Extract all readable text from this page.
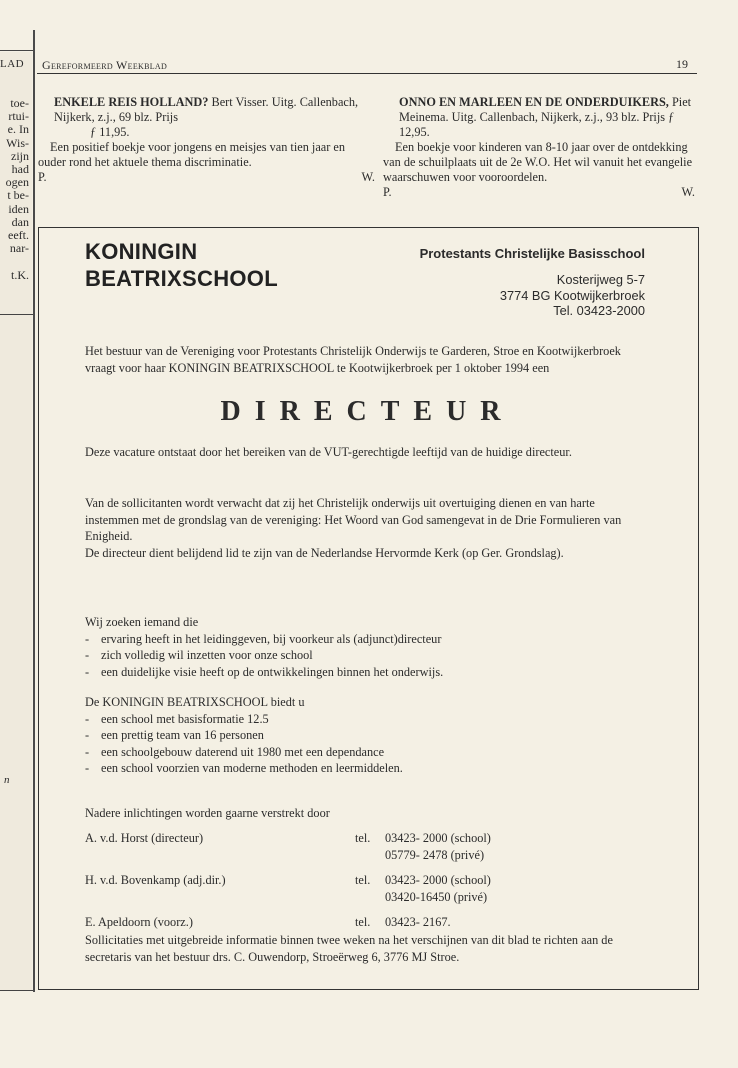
LAD
toe-
rtui-
e. In
Wis-
zijn
had
ogen
t be-
iden
dan
eeft.
nar-
t.K.
n
Gereformeerd Weekblad	19
ENKELE REIS HOLLAND? Bert Visser. Uitg. Callenbach, Nijkerk, z.j., 69 blz. Prijs
ƒ 11,95.
Een positief boekje voor jongens en meisjes van tien jaar en ouder rond het aktuele thema discriminatie.
P.	W.
ONNO EN MARLEEN EN DE ONDERDUIKERS, Piet Meinema. Uitg. Callenbach, Nijkerk, z.j., 93 blz. Prijs ƒ 12,95.
Een boekje voor kinderen van 8-10 jaar over de ontdekking van de schuilplaats uit de 2e W.O. Het wil vanuit het evangelie waarschuwen voor vooroordelen.
P.	W.
KONINGIN
BEATRIXSCHOOL
Protestants Christelijke Basisschool
Kosterijweg 5-7
3774 BG Kootwijkerbroek
Tel. 03423-2000
Het bestuur van de Vereniging voor Protestants Christelijk Onderwijs te Garderen, Stroe en Kootwijkerbroek vraagt voor haar KONINGIN BEATRIXSCHOOL te Kootwijkerbroek per 1 oktober 1994 een
DIRECTEUR
Deze vacature ontstaat door het bereiken van de VUT-gerechtigde leeftijd van de huidige directeur.
Van de sollicitanten wordt verwacht dat zij het Christelijk onderwijs uit overtuiging dienen en van harte instemmen met de grondslag van de vereniging: Het Woord van God samengevat in de Drie Formulieren van Enigheid.
De directeur dient belijdend lid te zijn van de Nederlandse Hervormde Kerk (op Ger. Grondslag).
Wij zoeken iemand die
- ervaring heeft in het leidinggeven, bij voorkeur als (adjunct)directeur
- zich volledig wil inzetten voor onze school
- een duidelijke visie heeft op de ontwikkelingen binnen het onderwijs.
De KONINGIN BEATRIXSCHOOL biedt u
- een school met basisformatie 12.5
- een prettig team van 16 personen
- een schoolgebouw daterend uit 1980 met een dependance
- een school voorzien van moderne methoden en leermiddelen.
Nadere inlichtingen worden gaarne verstrekt door
A. v.d. Horst (directeur)	tel. 03423- 2000 (school)
05779- 2478 (privé)
H. v.d. Bovenkamp (adj.dir.)	tel. 03423- 2000 (school)
03420-16450 (privé)
E. Apeldoorn (voorz.)	tel. 03423- 2167.
Sollicitaties met uitgebreide informatie binnen twee weken na het verschijnen van dit blad te richten aan de secretaris van het bestuur drs. C. Ouwendorp, Stroeërweg 6, 3776 MJ Stroe.
